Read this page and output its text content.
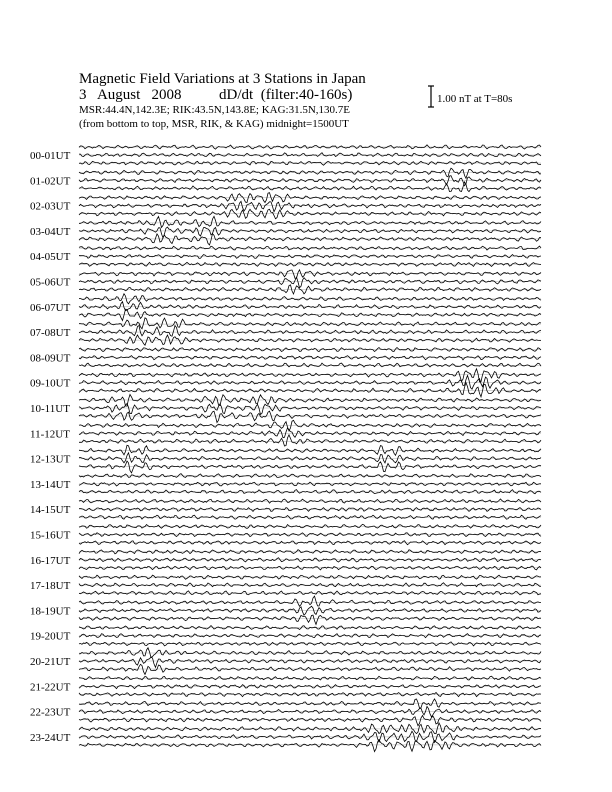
Magnetic Field Variations at 3 Stations in Japan
3 August 2008	dD/dt (filter:40-160s)
MSR:44.4N,142.3E; RIK:43.5N,143.8E; KAG:31.5N,130.7E
(from bottom to top, MSR, RIK, & KAG) midnight=1500UT
1.00 nT at T=80s
00-01UT
01-02UT
02-03UT
03-04UT
04-05UT
05-06UT
06-07UT
07-08UT
08-09UT
09-10UT
10-11UT
11-12UT
12-13UT
13-14UT
14-15UT
15-16UT
16-17UT
17-18UT
18-19UT
19-20UT
20-21UT
21-22UT
22-23UT
23-24UT
